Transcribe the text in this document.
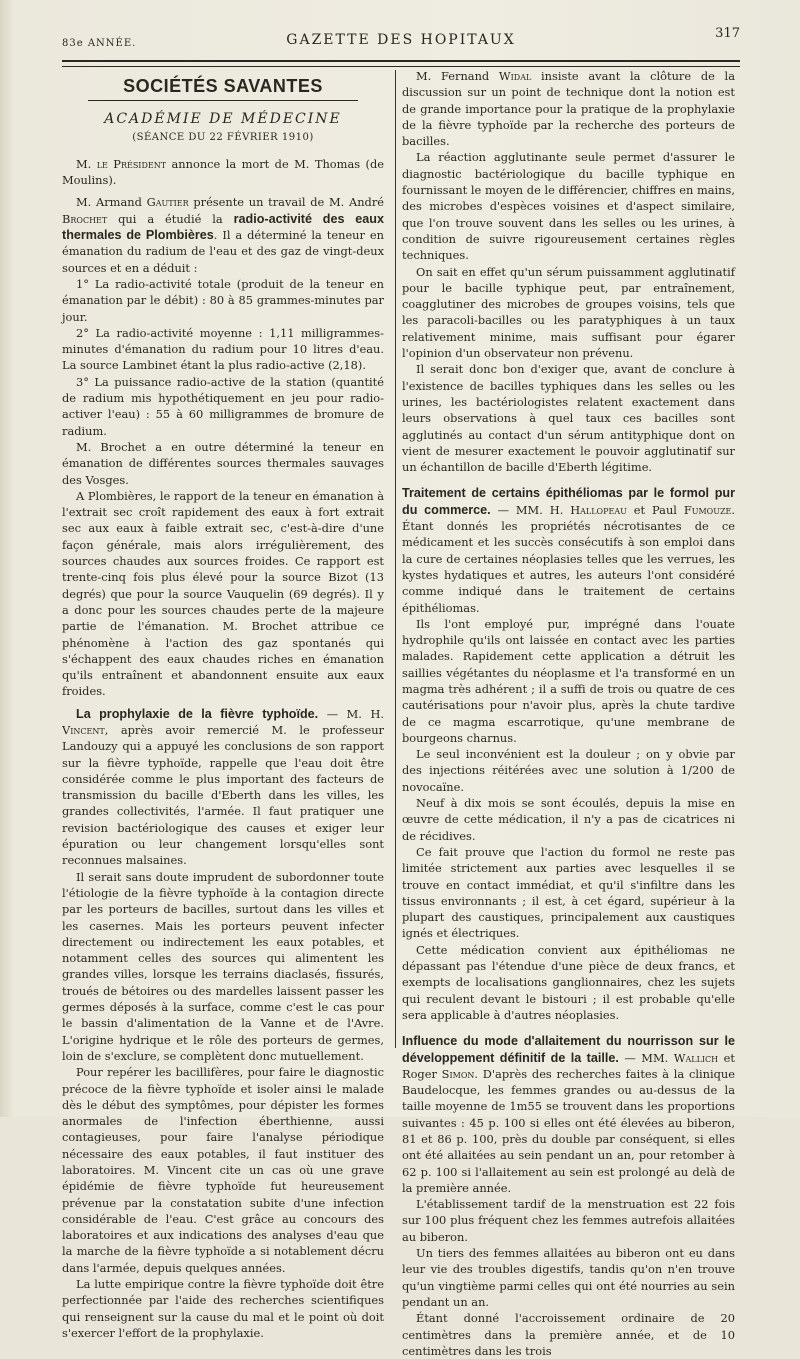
83e ANNÉE.	GAZETTE DES HOPITAUX	317
SOCIÉTÉS SAVANTES
ACADÉMIE DE MÉDECINE
(SÉANCE DU 22 FÉVRIER 1910)

M. le Président annonce la mort de M. Thomas (de Moulins).

M. Armand Gautier présente un travail de M. André Brochet qui a étudié la radio-activité des eaux thermales de Plombières. Il a déterminé la teneur en émanation du radium de l'eau et des gaz de vingt-deux sources et en a déduit :

1° La radio-activité totale (produit de la teneur en émanation par le débit) : 80 à 85 grammes-minutes par jour.

2° La radio-activité moyenne : 1,11 milligrammes-minutes d'émanation du radium pour 10 litres d'eau. La source Lambinet étant la plus radio-active (2,18).

3° La puissance radio-active de la station (quantité de radium mis hypothétiquement en jeu pour radio-activer l'eau) : 55 à 60 milligrammes de bromure de radium.

M. Brochet a en outre déterminé la teneur en émanation de différentes sources thermales sauvages des Vosges.

A Plombières, le rapport de la teneur en émanation à l'extrait sec croît rapidement des eaux à fort extrait sec aux eaux à faible extrait sec, c'est-à-dire d'une façon générale, mais alors irrégulièrement, des sources chaudes aux sources froides. Ce rapport est trente-cinq fois plus élevé pour la source Bizot (13 degrés) que pour la source Vauquelin (69 degrés). Il y a donc pour les sources chaudes perte de la majeure partie de l'émanation. M. Brochet attribue ce phénomène à l'action des gaz spontanés qui s'échappent des eaux chaudes riches en émanation qu'ils entraînent et abandonnent ensuite aux eaux froides.

La prophylaxie de la fièvre typhoïde. — M. H. Vincent, après avoir remercié M. le professeur Landouzy qui a appuyé les conclusions de son rapport sur la fièvre typhoïde, rappelle que l'eau doit être considérée comme le plus important des facteurs de transmission du bacille d'Eberth dans les villes, les grandes collectivités, l'armée. Il faut pratiquer une revision bactériologique des causes et exiger leur épuration ou leur changement lorsqu'elles sont reconnues malsaines.

Il serait sans doute imprudent de subordonner toute l'étiologie de la fièvre typhoïde à la contagion directe par les porteurs de bacilles, surtout dans les villes et les casernes. Mais les porteurs peuvent infecter directement ou indirectement les eaux potables, et notamment celles des sources qui alimentent les grandes villes, lorsque les terrains diaclasés, fissurés, troués de bétoires ou des mardelles laissent passer les germes déposés à la surface, comme c'est le cas pour le bassin d'alimentation de la Vanne et de l'Avre. L'origine hydrique et le rôle des porteurs de germes, loin de s'exclure, se complètent donc mutuellement.

Pour repérer les bacillifères, pour faire le diagnostic précoce de la fièvre typhoïde et isoler ainsi le malade dès le début des symptômes, pour dépister les formes anormales de l'infection éberthienne, aussi contagieuses, pour faire l'analyse périodique nécessaire des eaux potables, il faut instituer des laboratoires. M. Vincent cite un cas où une grave épidémie de fièvre typhoïde fut heureusement prévenue par la constatation subite d'une infection considérable de l'eau. C'est grâce au concours des laboratoires et aux indications des analyses d'eau que la marche de la fièvre typhoïde a si notablement décru dans l'armée, depuis quelques années.

La lutte empirique contre la fièvre typhoïde doit être perfectionnée par l'aide des recherches scientifiques qui renseignent sur la cause du mal et le point où doit s'exercer l'effort de la prophylaxie.

M. Fernand Widal insiste avant la clôture de la discussion sur un point de technique dont la notion est de grande importance pour la pratique de la prophylaxie de la fièvre typhoïde par la recherche des porteurs de bacilles.

La réaction agglutinante seule permet d'assurer le diagnostic bactériologique du bacille typhique en fournissant le moyen de le différencier, chiffres en mains, des microbes d'espèces voisines et d'aspect similaire, que l'on trouve souvent dans les selles ou les urines, à condition de suivre rigoureusement certaines règles techniques.

On sait en effet qu'un sérum puissamment agglutinatif pour le bacille typhique peut, par entraînement, coagglutiner des microbes de groupes voisins, tels que les paracoli-bacilles ou les paratyphiques à un taux relativement minime, mais suffisant pour égarer l'opinion d'un observateur non prévenu.

Il serait donc bon d'exiger que, avant de conclure à l'existence de bacilles typhiques dans les selles ou les urines, les bactériologistes relatent exactement dans leurs observations à quel taux ces bacilles sont agglutinés au contact d'un sérum antityphique dont on vient de mesurer exactement le pouvoir agglutinatif sur un échantillon de bacille d'Eberth légitime.

Traitement de certains épithéliomas par le formol pur du commerce. — MM. H. Hallopeau et Paul Fumouze. Étant donnés les propriétés nécrotisantes de ce médicament et les succès consécutifs à son emploi dans la cure de certaines néoplasies telles que les verrues, les kystes hydatiques et autres, les auteurs l'ont considéré comme indiqué dans le traitement de certains épithéliomas.

Ils l'ont employé pur, imprégné dans l'ouate hydrophile qu'ils ont laissée en contact avec les parties malades. Rapidement cette application a détruit les saillies végétantes du néoplasme et l'a transformé en un magma très adhérent ; il a suffi de trois ou quatre de ces cautérisations pour n'avoir plus, après la chute tardive de ce magma escarrotique, qu'une membrane de bourgeons charnus.

Le seul inconvénient est la douleur ; on y obvie par des injections réitérées avec une solution à 1/200 de novocaïne.

Neuf à dix mois se sont écoulés, depuis la mise en œuvre de cette médication, il n'y a pas de cicatrices ni de récidives.

Ce fait prouve que l'action du formol ne reste pas limitée strictement aux parties avec lesquelles il se trouve en contact immédiat, et qu'il s'infiltre dans les tissus environnants ; il est, à cet égard, supérieur à la plupart des caustiques, principalement aux caustiques ignés et électriques.

Cette médication convient aux épithéliomas ne dépassant pas l'étendue d'une pièce de deux francs, et exempts de localisations ganglionnaires, chez les sujets qui reculent devant le bistouri ; il est probable qu'elle sera applicable à d'autres néoplasies.

Influence du mode d'allaitement du nourrisson sur le développement définitif de la taille. — MM. Wallich et Roger Simon. D'après des recherches faites à la clinique Baudelocque, les femmes grandes ou au-dessus de la taille moyenne de 1m55 se trouvent dans les proportions suivantes : 45 p. 100 si elles ont été élevées au biberon, 81 et 86 p. 100, près du double par conséquent, si elles ont été allaitées au sein pendant un an, pour retomber à 62 p. 100 si l'allaitement au sein est prolongé au delà de la première année.

L'établissement tardif de la menstruation est 22 fois sur 100 plus fréquent chez les femmes autrefois allaitées au biberon.

Un tiers des femmes allaitées au biberon ont eu dans leur vie des troubles digestifs, tandis qu'on n'en trouve qu'un vingtième parmi celles qui ont été nourries au sein pendant un an.

Étant donné l'accroissement ordinaire de 20 centimètres dans la première année, et de 10 centimètres dans les trois
